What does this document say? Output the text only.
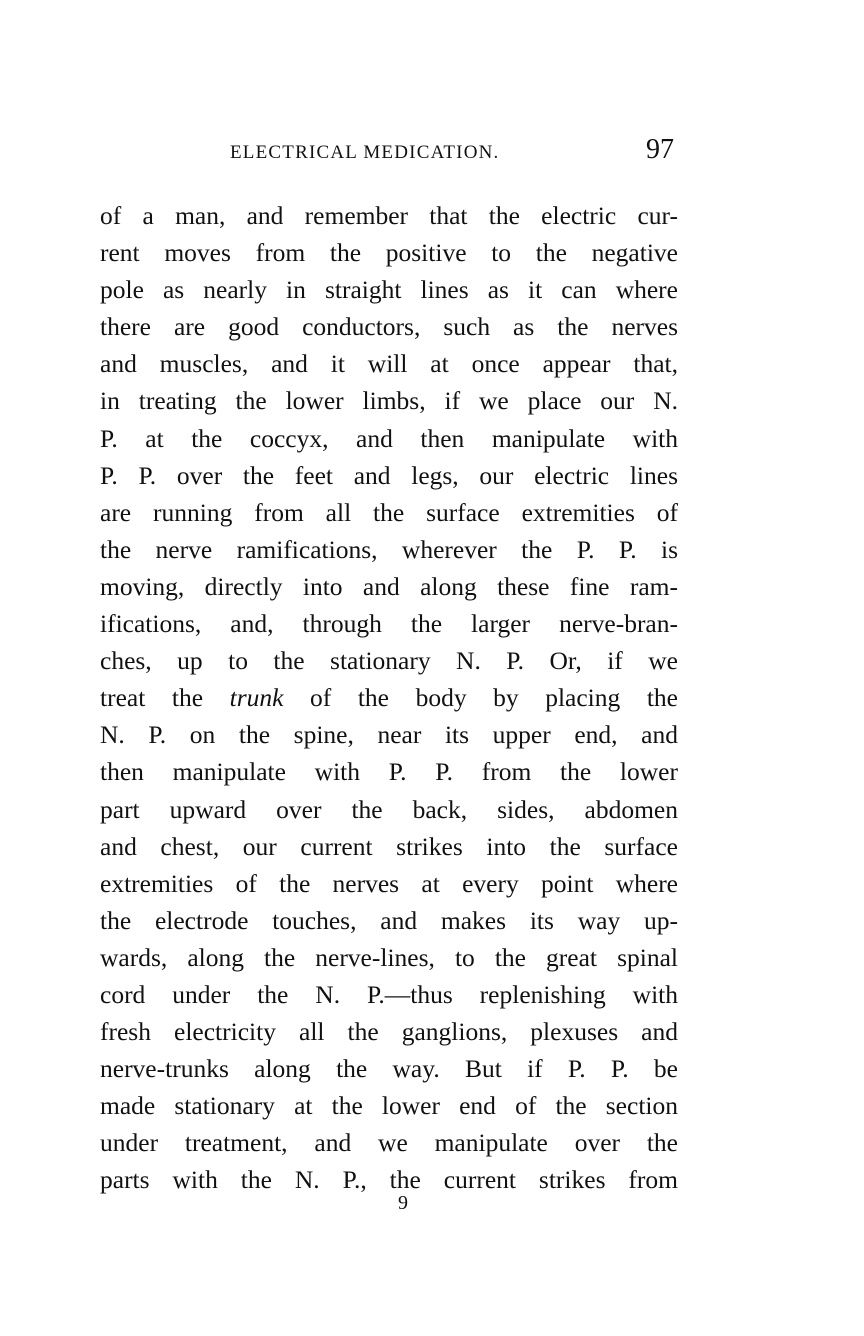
ELECTRICAL MEDICATION.	97
of a man, and remember that the electric cur-
rent moves from the positive to the negative
pole as nearly in straight lines as it can where
there are good conductors, such as the nerves
and muscles, and it will at once appear that,
in treating the lower limbs, if we place our N.
P. at the coccyx, and then manipulate with
P. P. over the feet and legs, our electric lines
are running from all the surface extremities of
the nerve ramifications, wherever the P. P. is
moving, directly into and along these fine ram-
ifications, and, through the larger nerve-bran-
ches, up to the stationary N. P. Or, if we
treat the trunk of the body by placing the
N. P. on the spine, near its upper end, and
then manipulate with P. P. from the lower
part upward over the back, sides, abdomen
and chest, our current strikes into the surface
extremities of the nerves at every point where
the electrode touches, and makes its way up-
wards, along the nerve-lines, to the great spinal
cord under the N. P.—thus replenishing with
fresh electricity all the ganglions, plexuses and
nerve-trunks along the way. But if P. P. be
made stationary at the lower end of the section
under treatment, and we manipulate over the
parts with the N. P., the current strikes from
9
